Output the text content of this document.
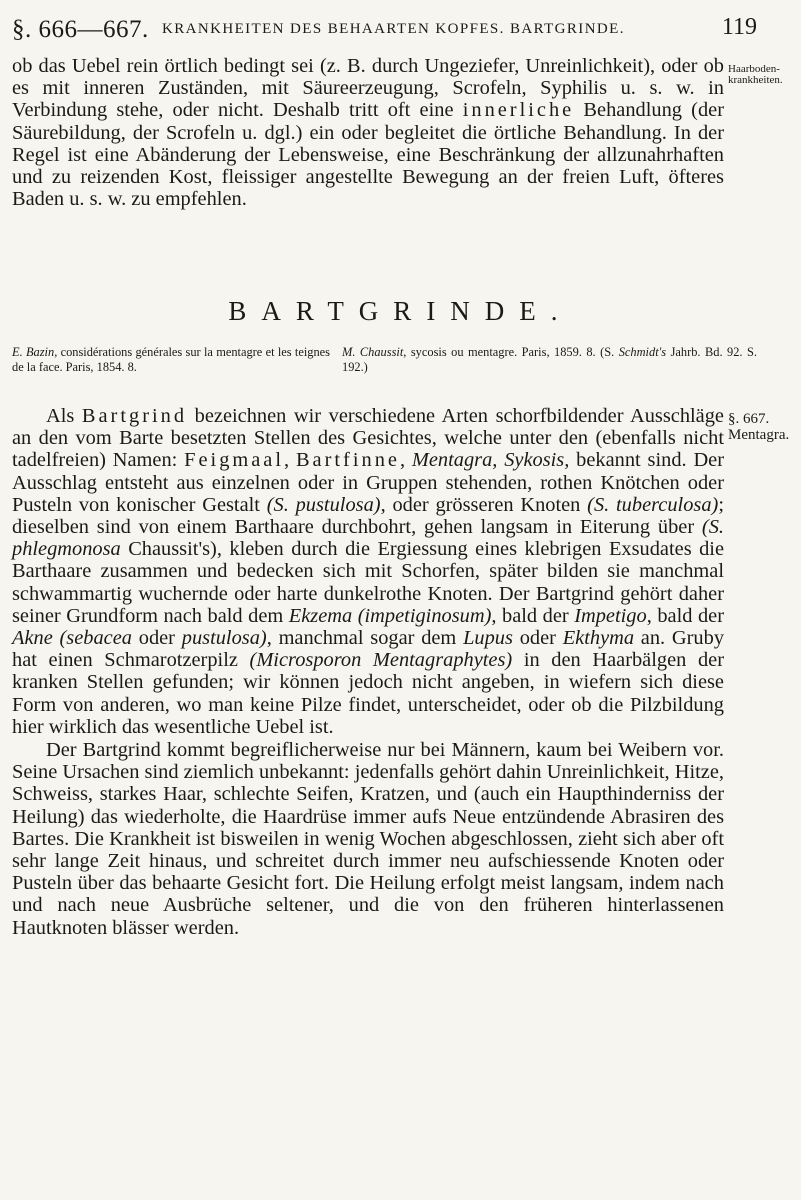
§. 666—667. KRANKHEITEN DES BEHAARTEN KOPFES. BARTGRINDE.	119
Haarboden-
krankheiten.

ob das Uebel rein örtlich bedingt sei (z. B. durch Ungeziefer, Unreinlichkeit), oder ob es mit inneren Zuständen, mit Säureerzeugung, Scrofeln, Syphilis u. s. w. in Verbindung stehe, oder nicht. Deshalb tritt oft eine innerliche Behandlung (der Säurebildung, der Scrofeln u. dgl.) ein oder begleitet die örtliche Behandlung. In der Regel ist eine Abänderung der Lebensweise, eine Beschränkung der allzunahrhaften und zu reizenden Kost, fleissiger angestellte Bewegung an der freien Luft, öfteres Baden u. s. w. zu empfehlen.

BARTGRINDE.
E. Bazin, considérations générales sur la mentagre et les teignes de la face. Paris, 1854. 8.
M. Chaussit, sycosis ou mentagre. Paris, 1859. 8. (S. Schmidt's Jahrb. Bd. 92. S. 192.)
§. 667.
Mentagra.

Als Bartgrind bezeichnen wir verschiedene Arten schorfbildender Ausschläge an den vom Barte besetzten Stellen des Gesichtes, welche unter den (ebenfalls nicht tadelfreien) Namen: Feigmaal, Bartfinne, Mentagra, Sykosis, bekannt sind. Der Ausschlag entsteht aus einzelnen oder in Gruppen stehenden, rothen Knötchen oder Pusteln von konischer Gestalt (S. pustulosa), oder grösseren Knoten (S. tuberculosa); dieselben sind von einem Barthaare durchbohrt, gehen langsam in Eiterung über (S. phlegmonosa Chaussit's), kleben durch die Ergiessung eines klebrigen Exsudates die Barthaare zusammen und bedecken sich mit Schorfen, später bilden sie manchmal schwammartig wuchernde oder harte dunkelrothe Knoten. Der Bartgrind gehört daher seiner Grundform nach bald dem Ekzema (impetiginosum), bald der Impetigo, bald der Akne (sebacea oder pustulosa), manchmal sogar dem Lupus oder Ekthyma an. Gruby hat einen Schmarotzerpilz (Microsporon Mentagraphytes) in den Haarbälgen der kranken Stellen gefunden; wir können jedoch nicht angeben, in wiefern sich diese Form von anderen, wo man keine Pilze findet, unterscheidet, oder ob die Pilzbildung hier wirklich das wesentliche Uebel ist.

Der Bartgrind kommt begreiflicherweise nur bei Männern, kaum bei Weibern vor. Seine Ursachen sind ziemlich unbekannt: jedenfalls gehört dahin Unreinlichkeit, Hitze, Schweiss, starkes Haar, schlechte Seifen, Kratzen, und (auch ein Haupthinderniss der Heilung) das wiederholte, die Haardrüse immer aufs Neue entzündende Abrasiren des Bartes. Die Krankheit ist bisweilen in wenig Wochen abgeschlossen, zieht sich aber oft sehr lange Zeit hinaus, und schreitet durch immer neu aufschiessende Knoten oder Pusteln über das behaarte Gesicht fort. Die Heilung erfolgt meist langsam, indem nach und nach neue Ausbrüche seltener, und die von den früheren hinterlassenen Hautknoten blässer werden.
